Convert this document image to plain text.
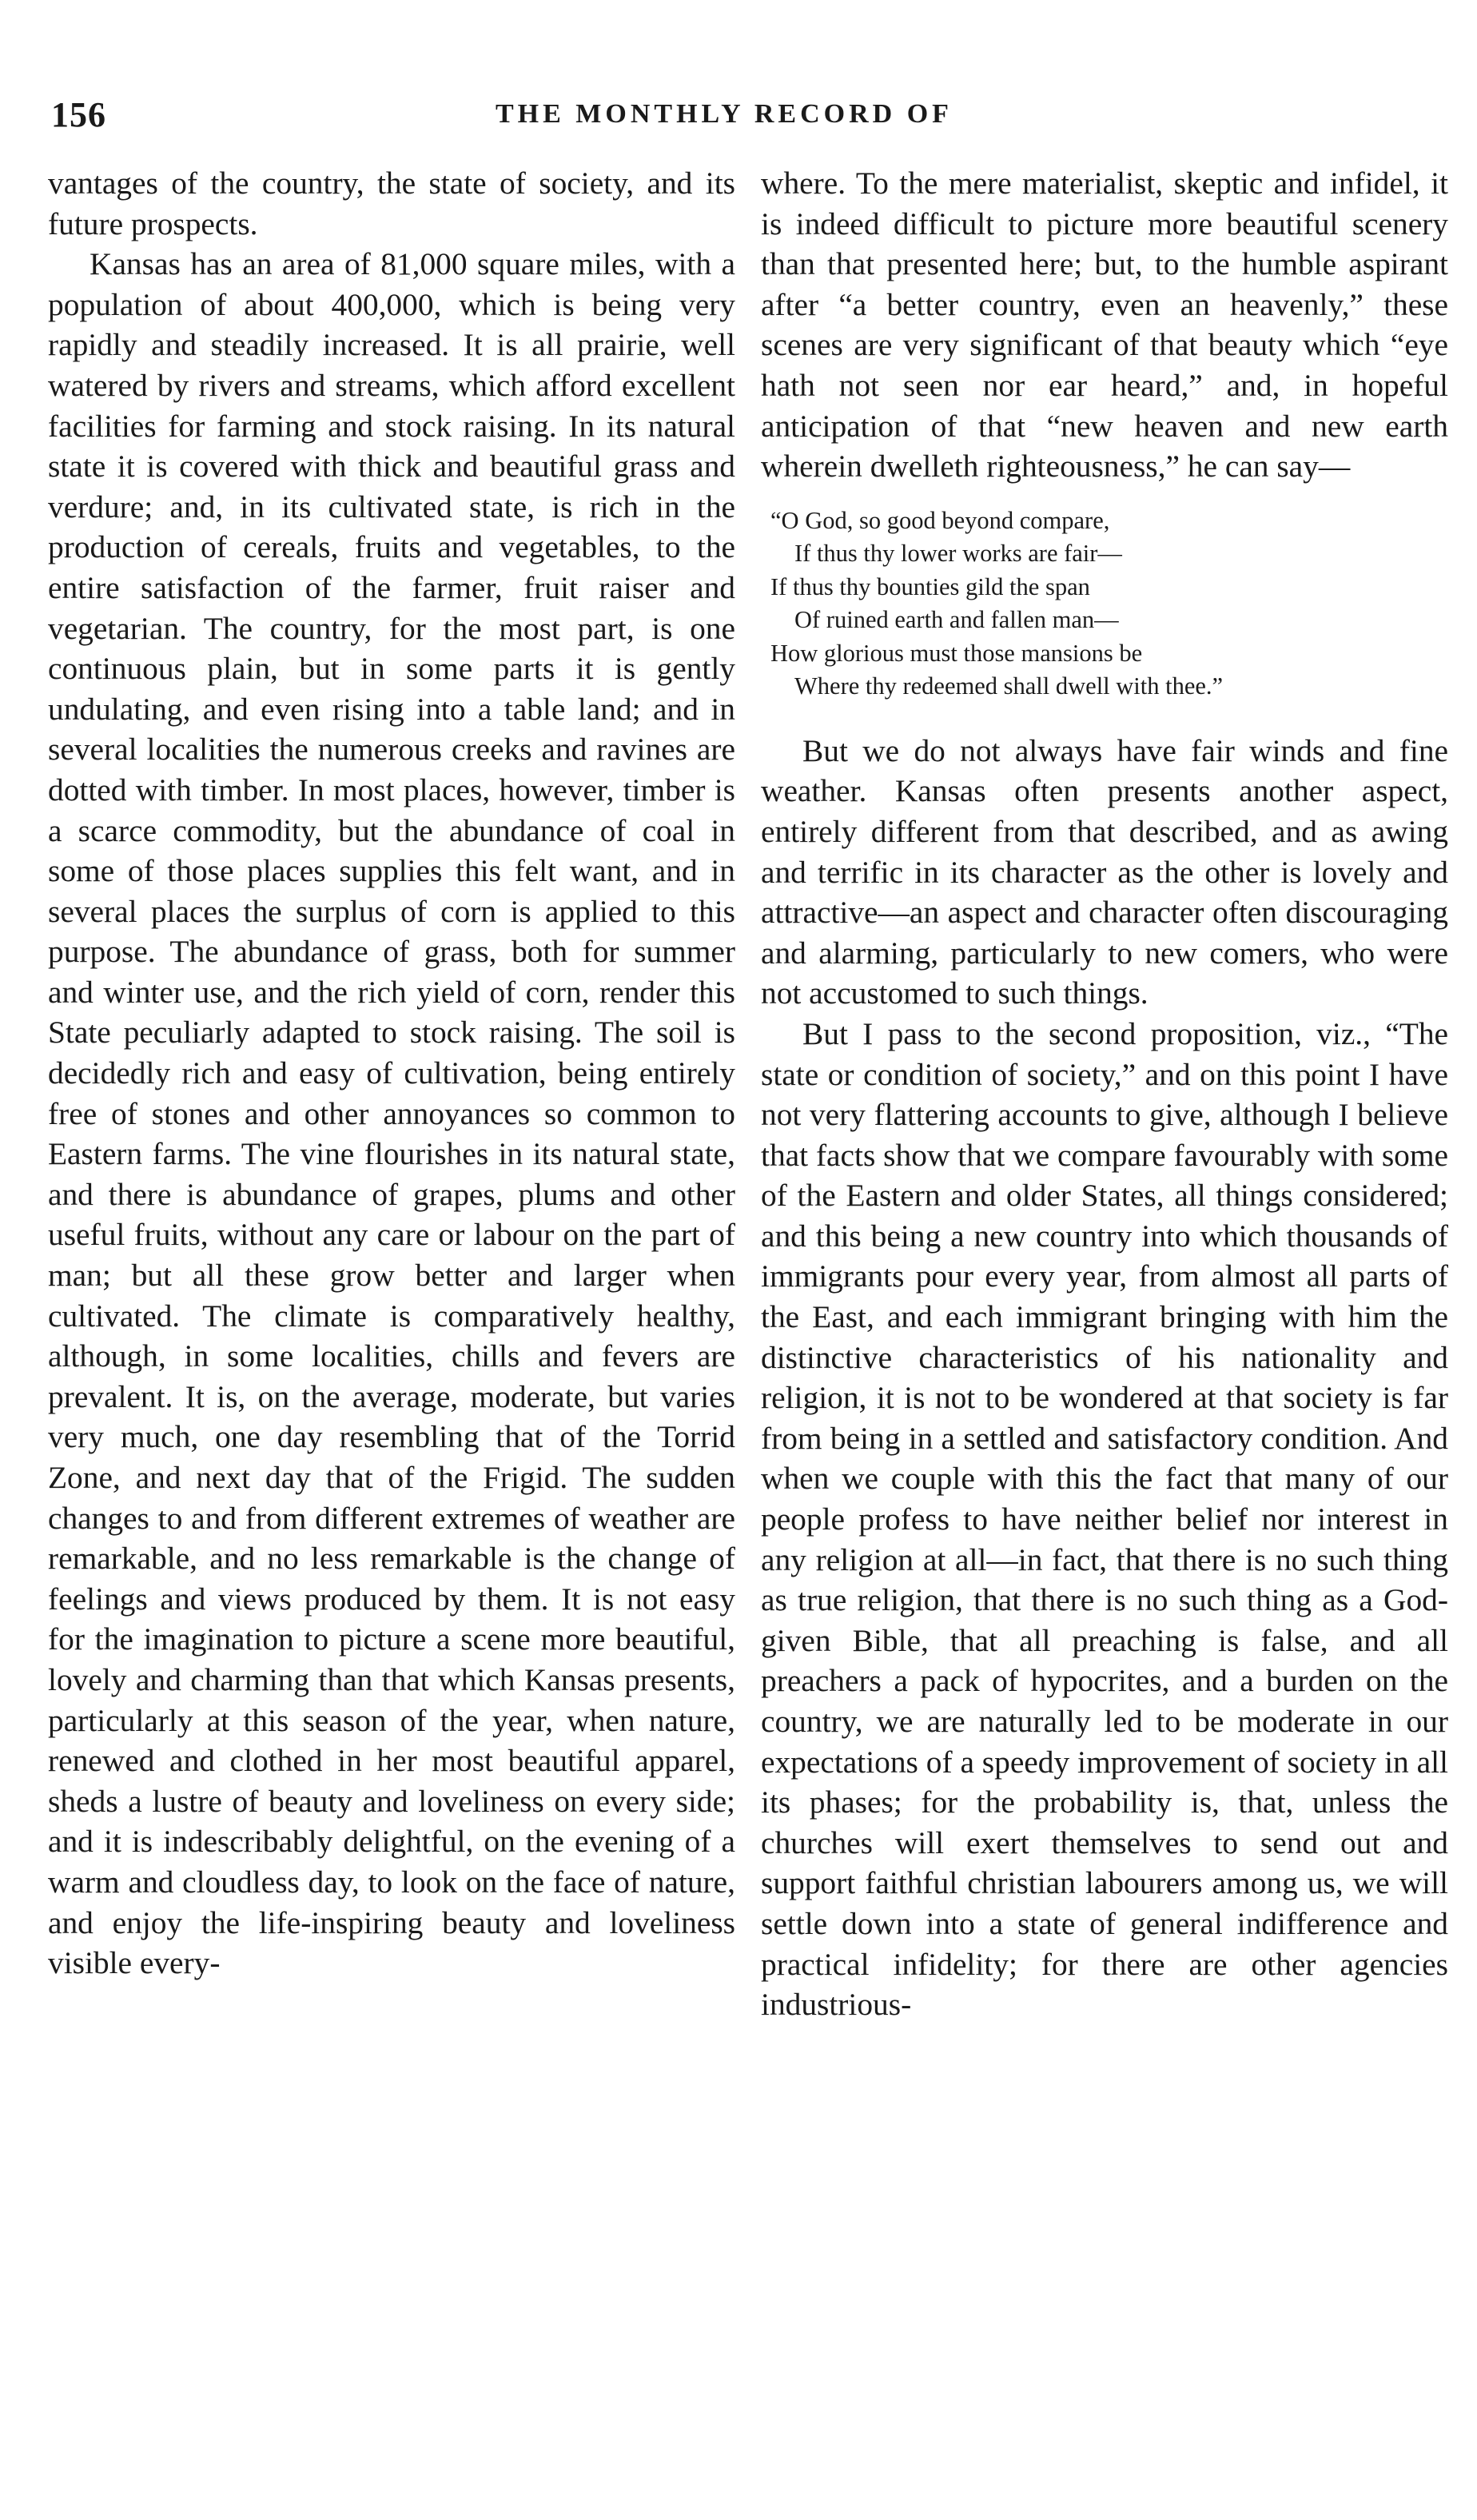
156	THE MONTHLY RECORD OF

vantages of the country, the state of society, and its future prospects.

Kansas has an area of 81,000 square miles, with a population of about 400,000, which is being very rapidly and steadily increased. It is all prairie, well watered by rivers and streams, which afford excellent facilities for farming and stock raising. In its natural state it is covered with thick and beautiful grass and verdure; and, in its cultivated state, is rich in the production of cereals, fruits and vegetables, to the entire satisfaction of the farmer, fruit raiser and vegetarian. The country, for the most part, is one continuous plain, but in some parts it is gently undulating, and even rising into a table land; and in several localities the numerous creeks and ravines are dotted with timber. In most places, however, timber is a scarce commodity, but the abundance of coal in some of those places supplies this felt want, and in several places the surplus of corn is applied to this purpose. The abundance of grass, both for summer and winter use, and the rich yield of corn, render this State peculiarly adapted to stock raising. The soil is decidedly rich and easy of cultivation, being entirely free of stones and other annoyances so common to Eastern farms. The vine flourishes in its natural state, and there is abundance of grapes, plums and other useful fruits, without any care or labour on the part of man; but all these grow better and larger when cultivated. The climate is comparatively healthy, although, in some localities, chills and fevers are prevalent. It is, on the average, moderate, but varies very much, one day resembling that of the Torrid Zone, and next day that of the Frigid. The sudden changes to and from different extremes of weather are remarkable, and no less remarkable is the change of feelings and views produced by them. It is not easy for the imagination to picture a scene more beautiful, lovely and charming than that which Kansas presents, particularly at this season of the year, when nature, renewed and clothed in her most beautiful apparel, sheds a lustre of beauty and loveliness on every side; and it is indescribably delightful, on the evening of a warm and cloudless day, to look on the face of nature, and enjoy the life-inspiring beauty and loveliness visible every-

where. To the mere materialist, skeptic and infidel, it is indeed difficult to picture more beautiful scenery than that presented here; but, to the humble aspirant after “a better country, even an heavenly,” these scenes are very significant of that beauty which “eye hath not seen nor ear heard,” and, in hopeful anticipation of that “new heaven and new earth wherein dwelleth righteousness,” he can say—

“O God, so good beyond compare,
If thus thy lower works are fair—
If thus thy bounties gild the span
Of ruined earth and fallen man—
How glorious must those mansions be
Where thy redeemed shall dwell with thee.”

But we do not always have fair winds and fine weather. Kansas often presents another aspect, entirely different from that described, and as awing and terrific in its character as the other is lovely and attractive—an aspect and character often discouraging and alarming, particularly to new comers, who were not accustomed to such things.

But I pass to the second proposition, viz., “The state or condition of society,” and on this point I have not very flattering accounts to give, although I believe that facts show that we compare favourably with some of the Eastern and older States, all things considered; and this being a new country into which thousands of immigrants pour every year, from almost all parts of the East, and each immigrant bringing with him the distinctive characteristics of his nationality and religion, it is not to be wondered at that society is far from being in a settled and satisfactory condition. And when we couple with this the fact that many of our people profess to have neither belief nor interest in any religion at all—in fact, that there is no such thing as true religion, that there is no such thing as a God-given Bible, that all preaching is false, and all preachers a pack of hypocrites, and a burden on the country, we are naturally led to be moderate in our expectations of a speedy improvement of society in all its phases; for the probability is, that, unless the churches will exert themselves to send out and support faithful christian labourers among us, we will settle down into a state of general indifference and practical infidelity; for there are other agencies industrious-
